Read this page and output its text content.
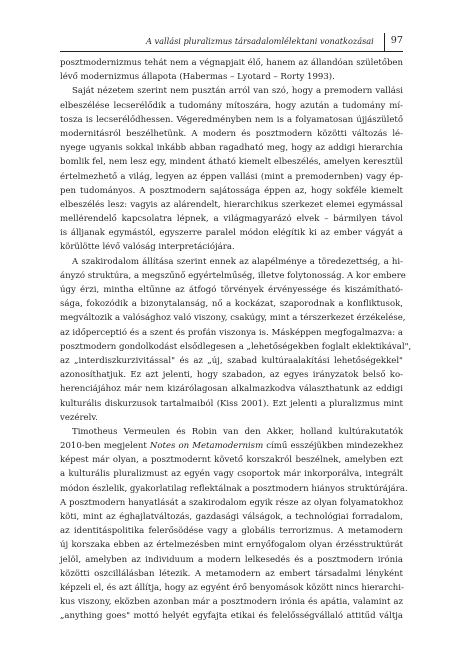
A vallási pluralizmus társadalomlélektani vonatkozásai	97
posztmodernizmus tehát nem a végnapjait élő, hanem az állandóan születőben
lévő modernizmus állapota (Habermas – Lyotard – Rorty 1993).
Saját nézetem szerint nem pusztán arról van szó, hogy a premodern vallási
elbeszélése lecserélődik a tudomány mítoszára, hogy azután a tudomány mí-
tosza is lecserélődhessen. Végeredményben nem is a folyamatosan újjászülető
modernitásról beszélhetünk. A modern és posztmodern közötti változás lé-
nyege ugyanis sokkal inkább abban ragadható meg, hogy az addigi hierarchia
bomlik fel, nem lesz egy, mindent átható kiemelt elbeszélés, amelyen keresztül
értelmezhető a világ, legyen az éppen vallási (mint a premodernben) vagy ép-
pen tudományos. A posztmodern sajátossága éppen az, hogy sokféle kiemelt
elbeszélés lesz: vagyis az alárendelt, hierarchikus szerkezet elemei egymással
mellérendelő kapcsolatra lépnek, a világmagyarázó elvek – bármilyen távol
is álljanak egymástól, egyszerre paralel módon elégítik ki az ember vágyát a
körülötte lévő valóság interpretációjára.
A szakirodalom állítása szerint ennek az alapélménye a töredezettség, a hi-
ányzó struktúra, a megszűnő egyértelműség, illetve folytonosság. A kor embere
úgy érzi, mintha eltűnne az átfogó törvények érvényessége és kiszámítható-
sága, fokozódik a bizonytalanság, nő a kockázat, szaporodnak a konfliktusok,
megváltozik a valósághoz való viszony, csakúgy, mint a térszerkezet érzékelése,
az időperceptió és a szent és profán viszonya is. Másképpen megfogalmazva: a
posztmodern gondolkodást elsődlegesen a „lehetőségekben foglalt eklektikával",
az „interdiszkurzivitással" és az „új, szabad kultúraalakítási lehetőségekkel"
azonosíthatjuk. Ez azt jelenti, hogy szabadon, az egyes irányzatok belső ko-
herenciájához már nem kizárólagosan alkalmazkodva választhatunk az eddigi
kulturális diskurzusok tartalmaiból (Kiss 2001). Ezt jelenti a pluralizmus mint
vezérelv.
Timotheus Vermeulen és Robin van den Akker, holland kultúrakutatók
2010-ben megjelent Notes on Metamodernism című esszéjükben mindezekhez
képest már olyan, a posztmodernt követő korszakról beszélnek, amelyben ezt
a kulturális pluralizmust az egyén vagy csoportok már inkorporálva, integrált
módon észlelik, gyakorlatilag reflektálnak a posztmodern hiányos struktúrájára.
A posztmodern hanyatlását a szakirodalom egyik része az olyan folyamatokhoz
köti, mint az éghajlatváltozás, gazdasági válságok, a technológiai forradalom,
az identitáspolitika felerősödése vagy a globális terrorizmus. A metamodern
új korszaka ebben az értelmezésben mint ernyőfogalom olyan érzésstruktúrát
jelöl, amelyben az individuum a modern lelkesedés és a posztmodern irónia
közötti oszcillálásban létezik. A metamodern az embert társadalmi lényként
képzeli el, és azt állítja, hogy az egyént érő benyomások között nincs hierarchi-
kus viszony, eközben azonban már a posztmodern irónia és apátia, valamint az
„anything goes" mottó helyét egyfajta etikai és felelősségvállaló attitűd váltja
